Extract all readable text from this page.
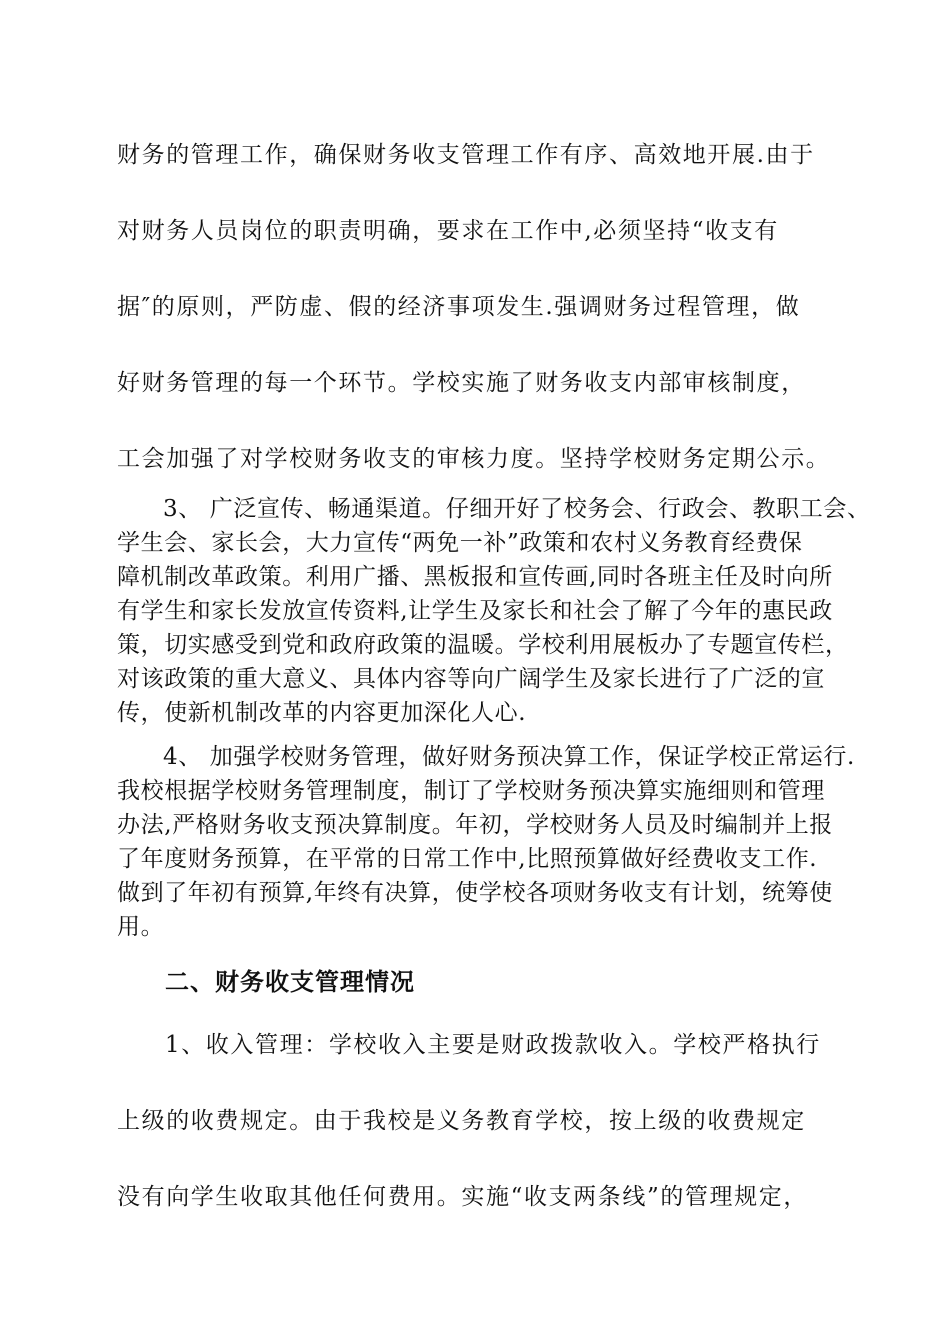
财务的管理工作，确保财务收支管理工作有序、高效地开展.由于
对财务人员岗位的职责明确，要求在工作中,必须坚持“收支有
据″的原则，严防虚、假的经济事项发生.强调财务过程管理，做
好财务管理的每一个环节。学校实施了财务收支内部审核制度，
工会加强了对学校财务收支的审核力度。坚持学校财务定期公示。
3、 广泛宣传、畅通渠道。仔细开好了校务会、行政会、教职工会、
学生会、家长会，大力宣传“两免一补”政策和农村义务教育经费保
障机制改革政策。利用广播、黑板报和宣传画,同时各班主任及时向所
有学生和家长发放宣传资料,让学生及家长和社会了解了今年的惠民政
策，切实感受到党和政府政策的温暖。学校利用展板办了专题宣传栏，
对该政策的重大意义、具体内容等向广阔学生及家长进行了广泛的宣
传，使新机制改革的内容更加深化人心.
4、 加强学校财务管理，做好财务预决算工作，保证学校正常运行.
我校根据学校财务管理制度，制订了学校财务预决算实施细则和管理
办法,严格财务收支预决算制度。年初，学校财务人员及时编制并上报
了年度财务预算，在平常的日常工作中,比照预算做好经费收支工作.
做到了年初有预算,年终有决算，使学校各项财务收支有计划，统筹使
用。
二、财务收支管理情况
1、收入管理：学校收入主要是财政拨款收入。学校严格执行
上级的收费规定。由于我校是义务教育学校，按上级的收费规定
没有向学生收取其他任何费用。实施“收支两条线”的管理规定，
